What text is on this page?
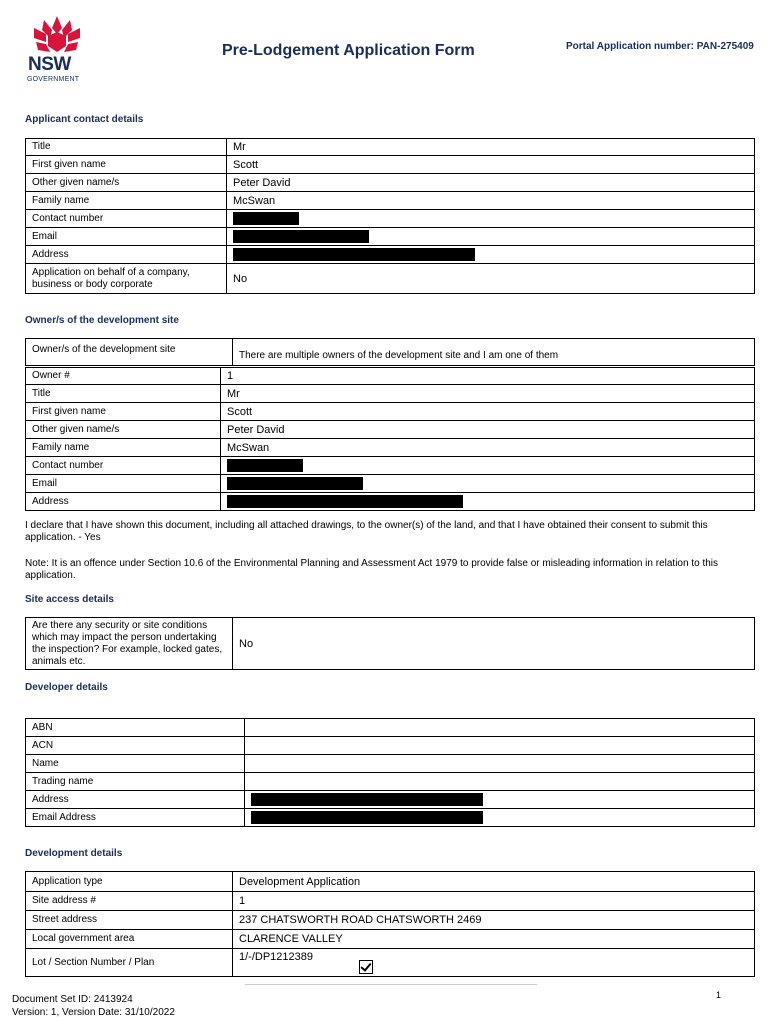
NSW
GOVERNMENT
Pre-Lodgement Application Form	Portal Application number: PAN-275409
Applicant contact details
Title	Mr
First given name	Scott
Other given name/s	Peter David
Family name	McSwan
Contact number	
Email	
Address	
Application on behalf of a company, business or body corporate	No
Owner/s of the development site
Owner/s of the development site	There are multiple owners of the development site and I am one of them
Owner #	1
Title	Mr
First given name	Scott
Other given name/s	Peter David
Family name	McSwan
Contact number	
Email	
Address	
I declare that I have shown this document, including all attached drawings, to the owner(s) of the land, and that I have obtained their consent to submit this application. - Yes
Note: It is an offence under Section 10.6 of the Environmental Planning and Assessment Act 1979 to provide false or misleading information in relation to this application.
Site access details
Are there any security or site conditions which may impact the person undertaking the inspection? For example, locked gates, animals etc.	No
Developer details
ABN	
ACN	
Name	
Trading name	
Address	
Email Address	
Development details
Application type	Development Application
Site address #	1
Street address	237 CHATSWORTH ROAD CHATSWORTH 2469
Local government area	CLARENCE VALLEY
Lot / Section Number / Plan	1/-/DP1212389
Document Set ID: 2413924
Version: 1, Version Date: 31/10/2022
1
